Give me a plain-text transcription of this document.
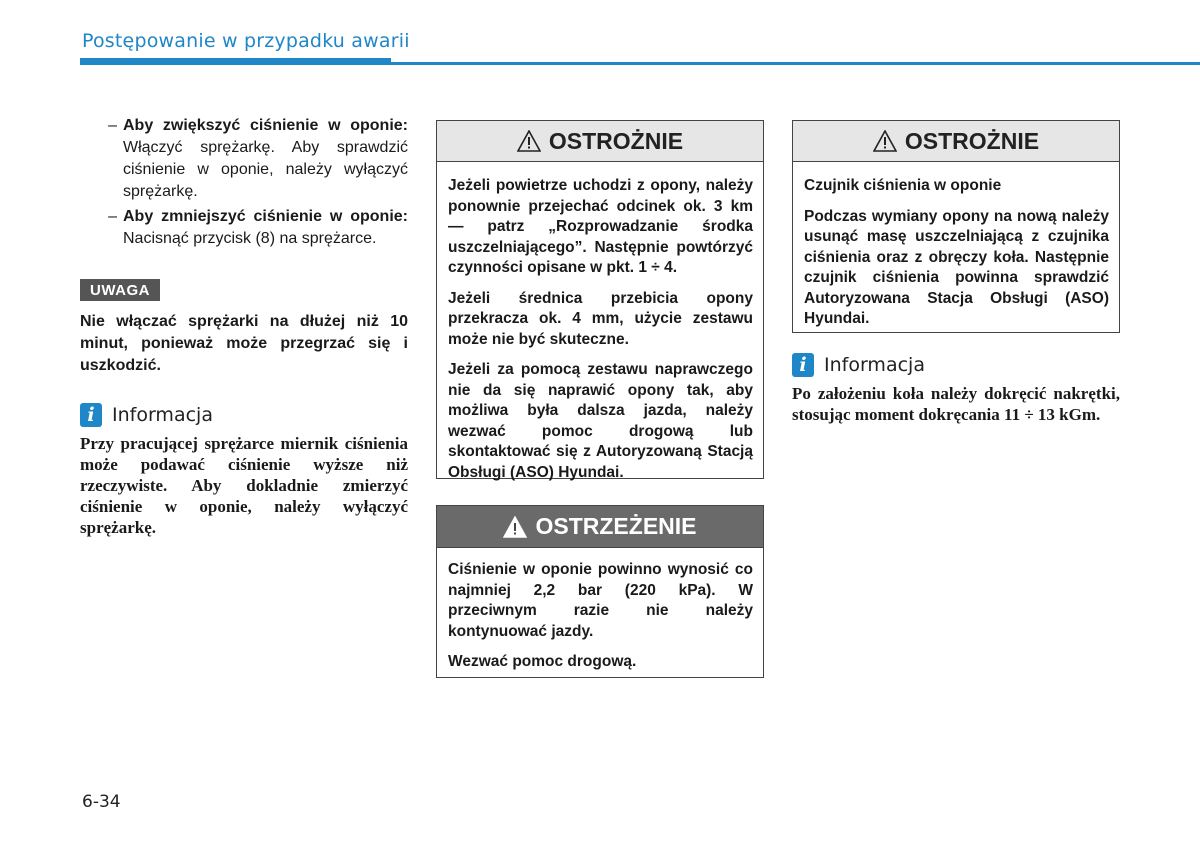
Postępowanie w przypadku awarii
– Aby zwiększyć ciśnienie w oponie: Włączyć sprężarkę. Aby sprawdzić ciśnienie w oponie, należy wyłączyć sprężarkę.
– Aby zmniejszyć ciśnienie w oponie: Nacisnąć przycisk (8) na sprężarce.
UWAGA
Nie włączać sprężarki na dłużej niż 10 minut, ponieważ może przegrzać się i uszkodzić.
i Informacja
Przy pracującej sprężarce miernik ciśnienia może podawać ciśnienie wyższe niż rzeczywiste. Aby dokladnie zmierzyć ciśnienie w oponie, należy wyłączyć sprężarkę.
OSTROŻNIE

Jeżeli powietrze uchodzi z opony, należy ponownie przejechać odcinek ok. 3 km — patrz „Rozprowadzanie środka uszczelniającego”. Następnie powtórzyć czynności opisane w pkt. 1 ÷ 4.

Jeżeli średnica przebicia opony przekracza ok. 4 mm, użycie zestawu może nie być skuteczne.

Jeżeli za pomocą zestawu naprawczego nie da się naprawić opony tak, aby możliwa była dalsza jazda, należy wezwać pomoc drogową lub skontaktować się z Autoryzowaną Stacją Obsługi (ASO) Hyundai.

OSTRZEŻENIE

Ciśnienie w oponie powinno wynosić co najmniej 2,2 bar (220 kPa). W przeciwnym razie nie należy kontynuować jazdy.

Wezwać pomoc drogową.

OSTROŻNIE

Czujnik ciśnienia w oponie

Podczas wymiany opony na nową należy usunąć masę uszczelniającą z czujnika ciśnienia oraz z obręczy koła. Następnie czujnik ciśnienia powinna sprawdzić Autoryzowana Stacja Obsługi (ASO) Hyundai.

i Informacja
Po założeniu koła należy dokręcić nakrętki, stosując moment dokręcania 11 ÷ 13 kGm.
6-34
